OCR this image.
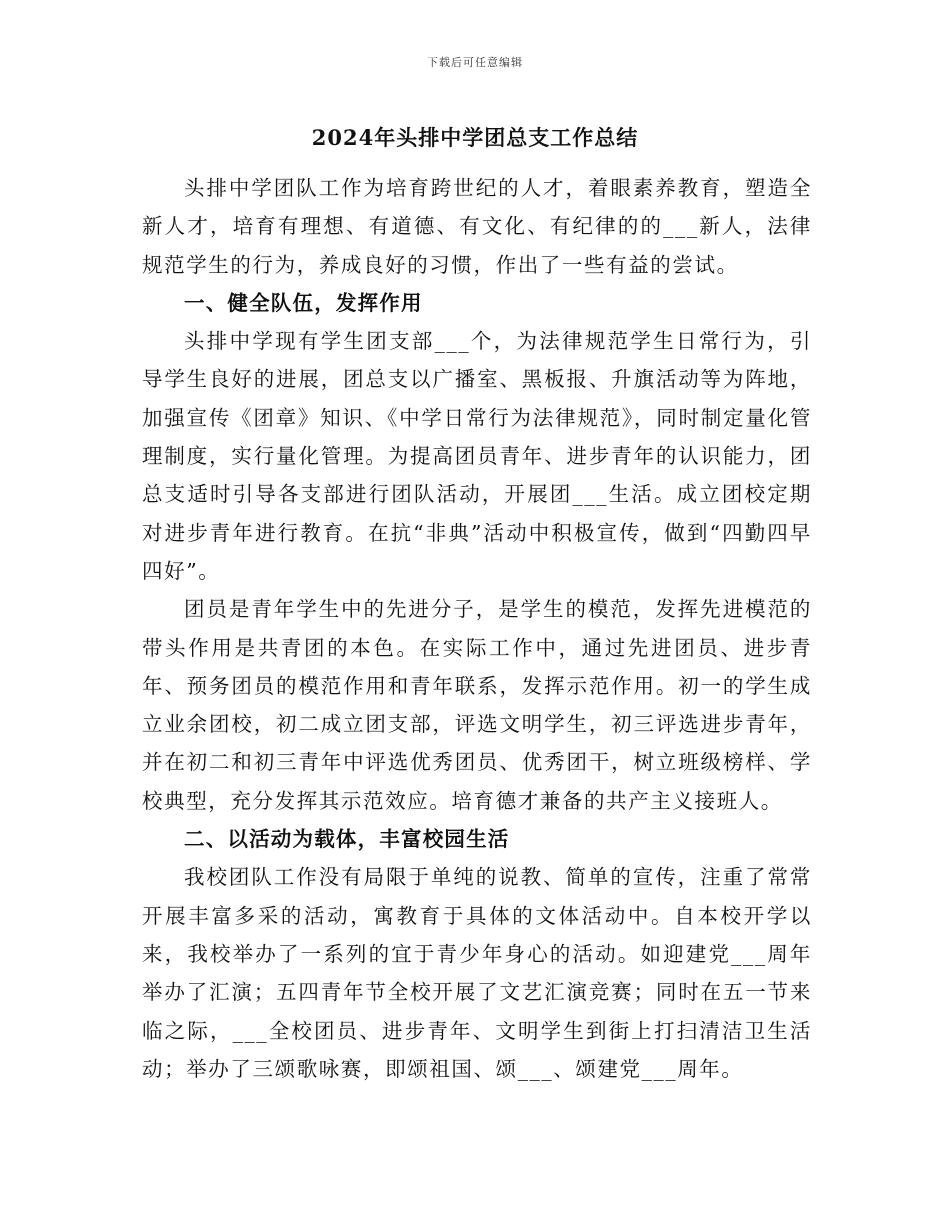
下载后可任意编辑
2024年头排中学团总支工作总结

头排中学团队工作为培育跨世纪的人才，着眼素养教育，塑造全新人才，培育有理想、有道德、有文化、有纪律的的___新人，法律规范学生的行为，养成良好的习惯，作出了一些有益的尝试。

一、健全队伍，发挥作用

头排中学现有学生团支部___个，为法律规范学生日常行为，引导学生良好的进展，团总支以广播室、黑板报、升旗活动等为阵地，加强宣传《团章》知识、《中学日常行为法律规范》，同时制定量化管理制度，实行量化管理。为提高团员青年、进步青年的认识能力，团总支适时引导各支部进行团队活动，开展团___生活。成立团校定期对进步青年进行教育。在抗“非典”活动中积极宣传，做到“四勤四早四好”。

团员是青年学生中的先进分子，是学生的模范，发挥先进模范的带头作用是共青团的本色。在实际工作中，通过先进团员、进步青年、预务团员的模范作用和青年联系，发挥示范作用。初一的学生成立业余团校，初二成立团支部，评选文明学生，初三评选进步青年，并在初二和初三青年中评选优秀团员、优秀团干，树立班级榜样、学校典型，充分发挥其示范效应。培育德才兼备的共产主义接班人。

二、以活动为载体，丰富校园生活

我校团队工作没有局限于单纯的说教、简单的宣传，注重了常常开展丰富多采的活动，寓教育于具体的文体活动中。自本校开学以来，我校举办了一系列的宜于青少年身心的活动。如迎建党___周年举办了汇演；五四青年节全校开展了文艺汇演竞赛；同时在五一节来临之际，___全校团员、进步青年、文明学生到街上打扫清洁卫生活动；举办了三颂歌咏赛，即颂祖国、颂___、颂建党___周年。
